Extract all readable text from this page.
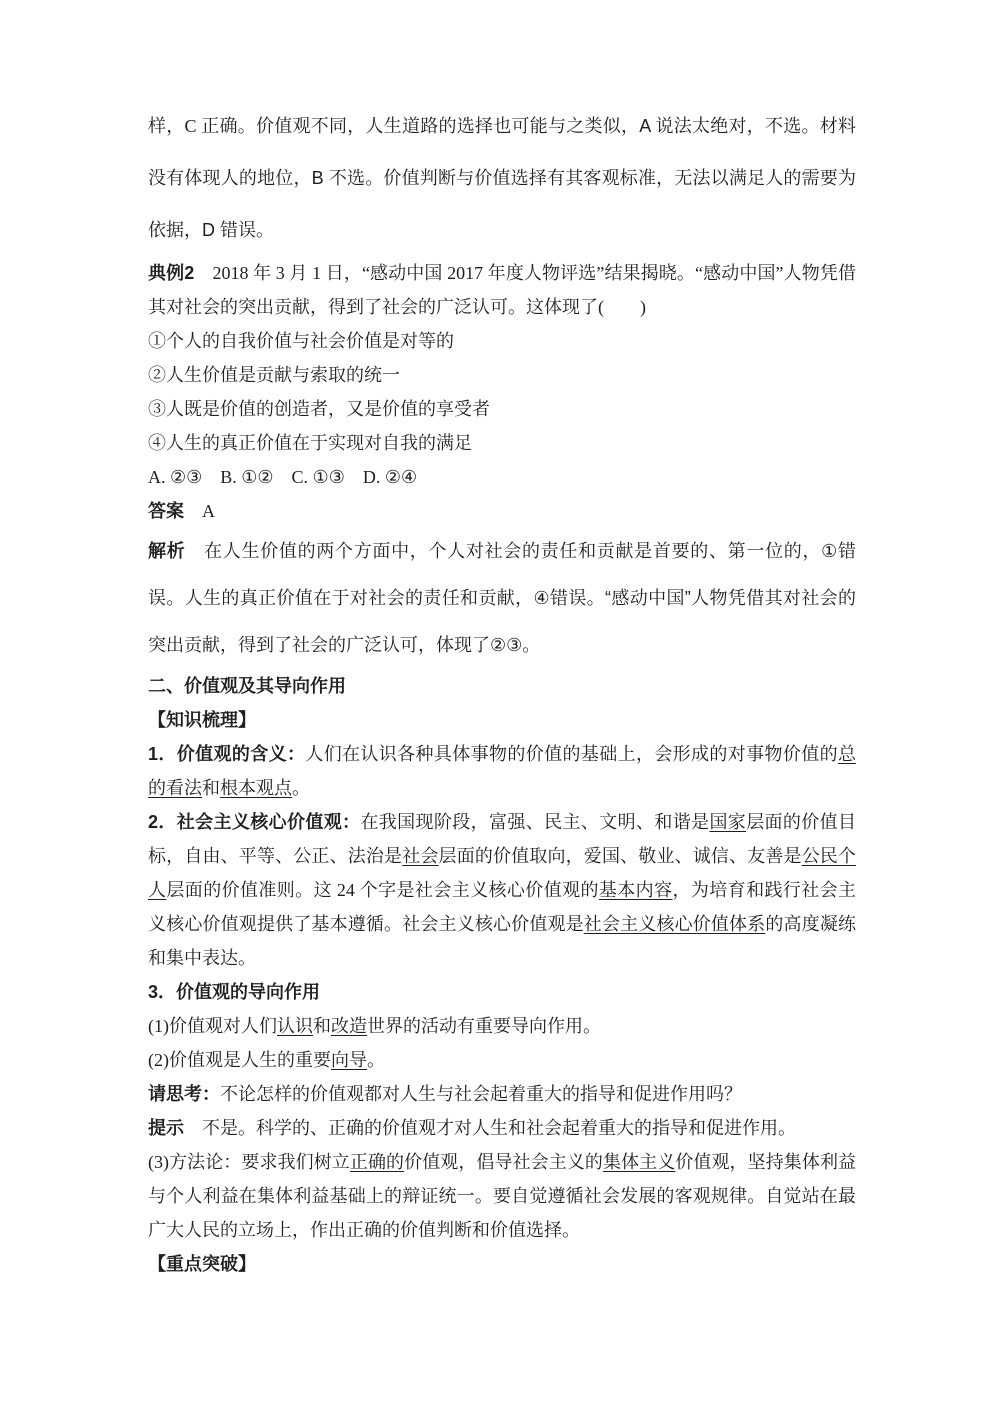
样，C 正确。价值观不同，人生道路的选择也可能与之类似，A 说法太绝对，不选。材料没有体现人的地位，B 不选。价值判断与价值选择有其客观标准，无法以满足人的需要为依据，D 错误。

典例2　2018 年 3 月 1 日，“感动中国 2017 年度人物评选”结果揭晓。“感动中国”人物凭借其对社会的突出贡献，得到了社会的广泛认可。这体现了(　　)

①个人的自我价值与社会价值是对等的

②人生价值是贡献与索取的统一

③人既是价值的创造者，又是价值的享受者

④人生的真正价值在于实现对自我的满足

A. ②③　B. ①②　C. ①③　D. ②④

答案　A

解析　在人生价值的两个方面中，个人对社会的责任和贡献是首要的、第一位的，①错误。人生的真正价值在于对社会的责任和贡献，④错误。“感动中国”人物凭借其对社会的突出贡献，得到了社会的广泛认可，体现了②③。

二、价值观及其导向作用

【知识梳理】

1．价值观的含义：人们在认识各种具体事物的价值的基础上，会形成的对事物价值的总的看法和根本观点。

2．社会主义核心价值观：在我国现阶段，富强、民主、文明、和谐是国家层面的价值目标，自由、平等、公正、法治是社会层面的价值取向，爱国、敬业、诚信、友善是公民个人层面的价值准则。这 24 个字是社会主义核心价值观的基本内容，为培育和践行社会主义核心价值观提供了基本遵循。社会主义核心价值观是社会主义核心价值体系的高度凝练和集中表达。

3．价值观的导向作用

(1)价值观对人们认识和改造世界的活动有重要导向作用。

(2)价值观是人生的重要向导。

请思考：不论怎样的价值观都对人生与社会起着重大的指导和促进作用吗？

提示　不是。科学的、正确的价值观才对人生和社会起着重大的指导和促进作用。

(3)方法论：要求我们树立正确的价值观，倡导社会主义的集体主义价值观，坚持集体利益与个人利益在集体利益基础上的辩证统一。要自觉遵循社会发展的客观规律。自觉站在最广大人民的立场上，作出正确的价值判断和价值选择。

【重点突破】
